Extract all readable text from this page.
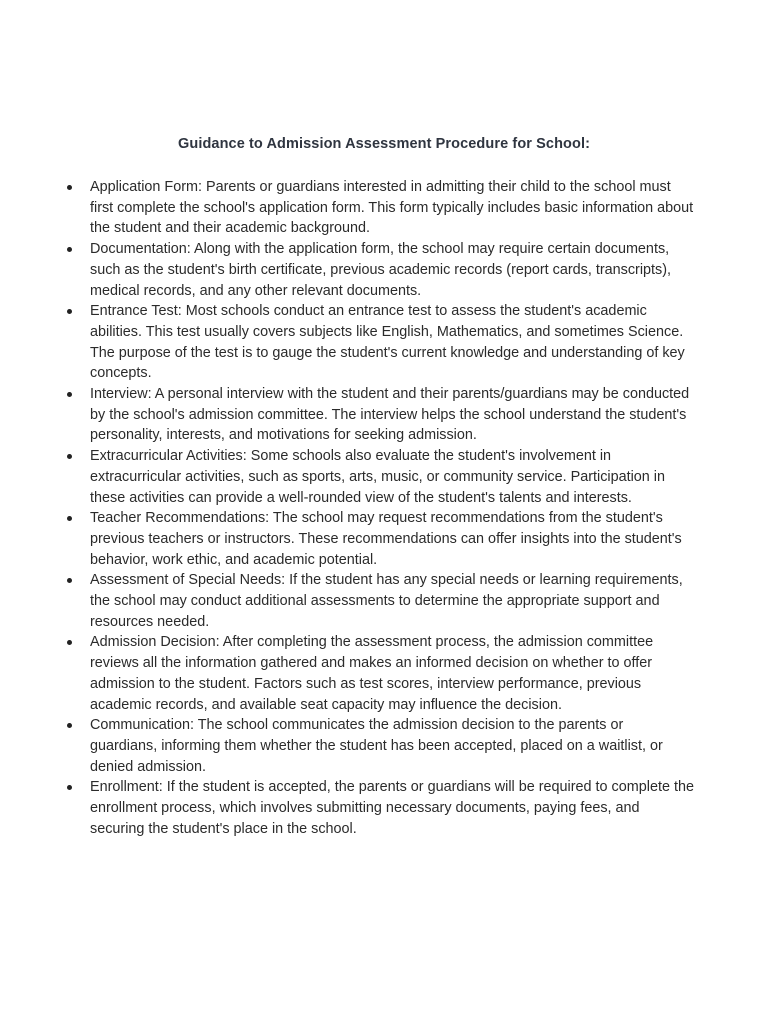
Guidance to Admission Assessment Procedure for School:
Application Form: Parents or guardians interested in admitting their child to the school must first complete the school's application form. This form typically includes basic information about the student and their academic background.
Documentation: Along with the application form, the school may require certain documents, such as the student's birth certificate, previous academic records (report cards, transcripts), medical records, and any other relevant documents.
Entrance Test: Most schools conduct an entrance test to assess the student's academic abilities. This test usually covers subjects like English, Mathematics, and sometimes Science. The purpose of the test is to gauge the student's current knowledge and understanding of key concepts.
Interview: A personal interview with the student and their parents/guardians may be conducted by the school's admission committee. The interview helps the school understand the student's personality, interests, and motivations for seeking admission.
Extracurricular Activities: Some schools also evaluate the student's involvement in extracurricular activities, such as sports, arts, music, or community service. Participation in these activities can provide a well-rounded view of the student's talents and interests.
Teacher Recommendations: The school may request recommendations from the student's previous teachers or instructors. These recommendations can offer insights into the student's behavior, work ethic, and academic potential.
Assessment of Special Needs: If the student has any special needs or learning requirements, the school may conduct additional assessments to determine the appropriate support and resources needed.
Admission Decision: After completing the assessment process, the admission committee reviews all the information gathered and makes an informed decision on whether to offer admission to the student. Factors such as test scores, interview performance, previous academic records, and available seat capacity may influence the decision.
Communication: The school communicates the admission decision to the parents or guardians, informing them whether the student has been accepted, placed on a waitlist, or denied admission.
Enrollment: If the student is accepted, the parents or guardians will be required to complete the enrollment process, which involves submitting necessary documents, paying fees, and securing the student's place in the school.
